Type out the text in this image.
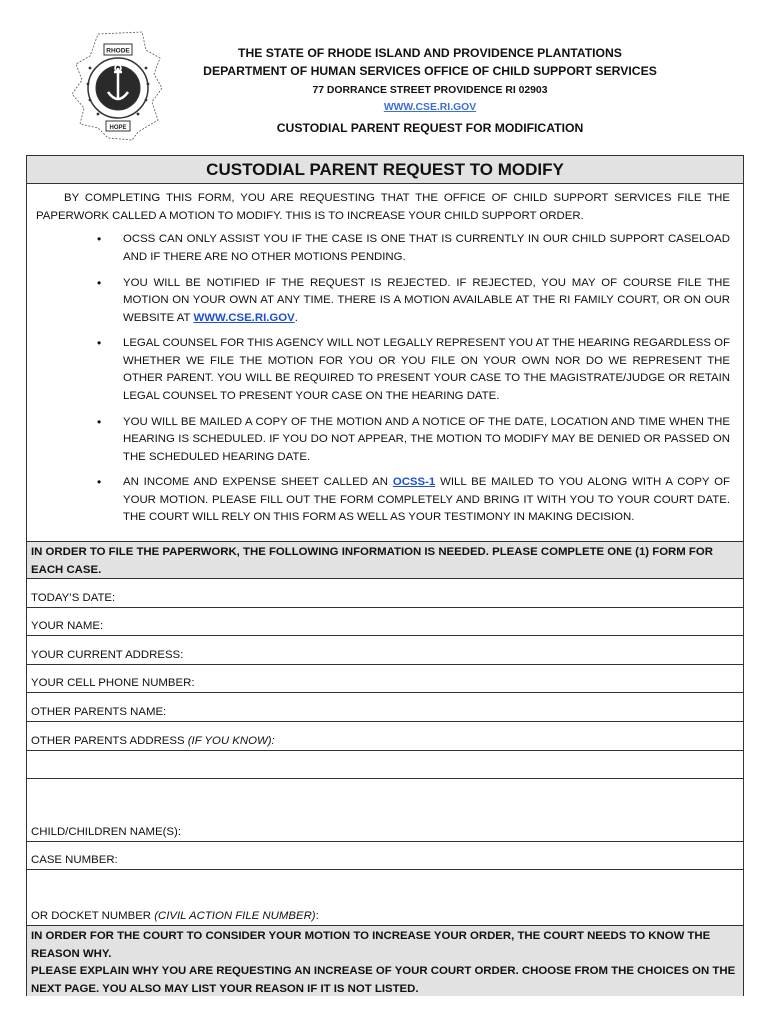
RHODE
HOPE
THE STATE OF RHODE ISLAND AND PROVIDENCE PLANTATIONS
DEPARTMENT OF HUMAN SERVICES OFFICE OF CHILD SUPPORT SERVICES
77 DORRANCE STREET PROVIDENCE RI 02903
WWW.CSE.RI.GOV
CUSTODIAL PARENT REQUEST FOR MODIFICATION
CUSTODIAL PARENT REQUEST TO MODIFY
BY COMPLETING THIS FORM, YOU ARE REQUESTING THAT THE OFFICE OF CHILD SUPPORT SERVICES FILE THE PAPERWORK CALLED A MOTION TO MODIFY. THIS IS TO INCREASE YOUR CHILD SUPPORT ORDER.
• OCSS CAN ONLY ASSIST YOU IF THE CASE IS ONE THAT IS CURRENTLY IN OUR CHILD SUPPORT CASELOAD AND IF THERE ARE NO OTHER MOTIONS PENDING.
• YOU WILL BE NOTIFIED IF THE REQUEST IS REJECTED. IF REJECTED, YOU MAY OF COURSE FILE THE MOTION ON YOUR OWN AT ANY TIME. THERE IS A MOTION AVAILABLE AT THE RI FAMILY COURT, OR ON OUR WEBSITE AT WWW.CSE.RI.GOV.
• LEGAL COUNSEL FOR THIS AGENCY WILL NOT LEGALLY REPRESENT YOU AT THE HEARING REGARDLESS OF WHETHER WE FILE THE MOTION FOR YOU OR YOU FILE ON YOUR OWN NOR DO WE REPRESENT THE OTHER PARENT. YOU WILL BE REQUIRED TO PRESENT YOUR CASE TO THE MAGISTRATE/JUDGE OR RETAIN LEGAL COUNSEL TO PRESENT YOUR CASE ON THE HEARING DATE.
• YOU WILL BE MAILED A COPY OF THE MOTION AND A NOTICE OF THE DATE, LOCATION AND TIME WHEN THE HEARING IS SCHEDULED. IF YOU DO NOT APPEAR, THE MOTION TO MODIFY MAY BE DENIED OR PASSED ON THE SCHEDULED HEARING DATE.
• AN INCOME AND EXPENSE SHEET CALLED AN OCSS-1 WILL BE MAILED TO YOU ALONG WITH A COPY OF YOUR MOTION. PLEASE FILL OUT THE FORM COMPLETELY AND BRING IT WITH YOU TO YOUR COURT DATE. THE COURT WILL RELY ON THIS FORM AS WELL AS YOUR TESTIMONY IN MAKING DECISION.
IN ORDER TO FILE THE PAPERWORK, THE FOLLOWING INFORMATION IS NEEDED. PLEASE COMPLETE ONE (1) FORM FOR EACH CASE.
TODAY’S DATE:
YOUR NAME:
YOUR CURRENT ADDRESS:
YOUR CELL PHONE NUMBER:
OTHER PARENTS NAME:
OTHER PARENTS ADDRESS (IF YOU KNOW):
CHILD/CHILDREN NAME(S):
CASE NUMBER:
OR DOCKET NUMBER (CIVIL ACTION FILE NUMBER):
IN ORDER FOR THE COURT TO CONSIDER YOUR MOTION TO INCREASE YOUR ORDER, THE COURT NEEDS TO KNOW THE REASON WHY.
PLEASE EXPLAIN WHY YOU ARE REQUESTING AN INCREASE OF YOUR COURT ORDER. CHOOSE FROM THE CHOICES ON THE NEXT PAGE. YOU ALSO MAY LIST YOUR REASON IF IT IS NOT LISTED.
